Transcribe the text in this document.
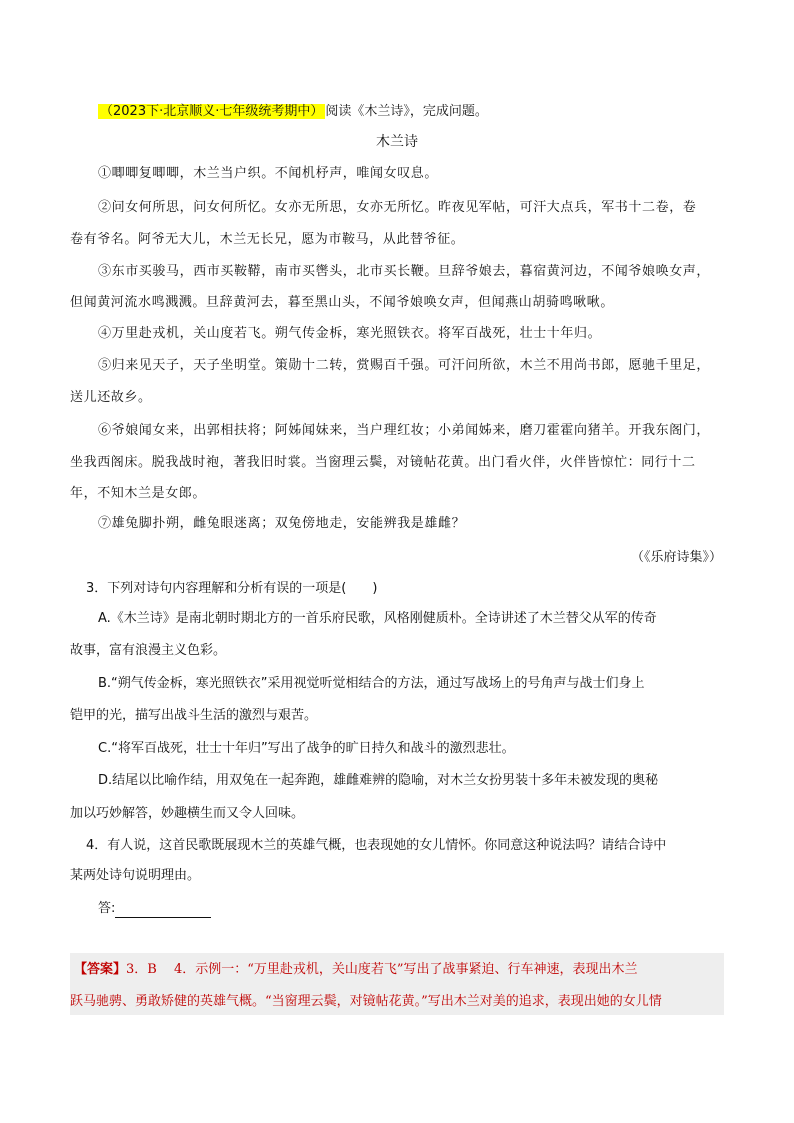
（2023下·北京顺义·七年级统考期中） 阅读《木兰诗》，完成问题。
木兰诗
①唧唧复唧唧，木兰当户织。不闻机杼声，唯闻女叹息。
②问女何所思，问女何所忆。女亦无所思，女亦无所忆。昨夜见军帖，可汗大点兵，军书十二卷，卷
卷有爷名。阿爷无大儿，木兰无长兄，愿为市鞍马，从此替爷征。
③东市买骏马，西市买鞍鞯，南市买辔头，北市买长鞭。旦辞爷娘去，暮宿黄河边，不闻爷娘唤女声，
但闻黄河流水鸣溅溅。旦辞黄河去，暮至黑山头，不闻爷娘唤女声，但闻燕山胡骑鸣啾啾。
④万里赴戎机，关山度若飞。朔气传金柝，寒光照铁衣。将军百战死，壮士十年归。
⑤归来见天子，天子坐明堂。策勋十二转，赏赐百千强。可汗问所欲，木兰不用尚书郎，愿驰千里足，
送儿还故乡。
⑥爷娘闻女来，出郭相扶将；阿姊闻妹来，当户理红妆；小弟闻姊来，磨刀霍霍向猪羊。开我东阁门，
坐我西阁床。脱我战时袍，著我旧时裳。当窗理云鬓，对镜帖花黄。出门看火伴，火伴皆惊忙：同行十二
年，不知木兰是女郎。
⑦雄兔脚扑朔，雌兔眼迷离；双兔傍地走，安能辨我是雄雌？
（《乐府诗集》）
3．下列对诗句内容理解和分析有误的一项是(　　)
A.《木兰诗》是南北朝时期北方的一首乐府民歌，风格刚健质朴。全诗讲述了木兰替父从军的传奇
故事，富有浪漫主义色彩。
B.“朔气传金柝，寒光照铁衣”采用视觉听觉相结合的方法，通过写战场上的号角声与战士们身上
铠甲的光，描写出战斗生活的激烈与艰苦。
C.“将军百战死，壮士十年归”写出了战争的旷日持久和战斗的激烈悲壮。
D.结尾以比喻作结，用双兔在一起奔跑，雄雌难辨的隐喻，对木兰女扮男装十多年未被发现的奥秘
加以巧妙解答，妙趣横生而又令人回味。
4．有人说，这首民歌既展现木兰的英雄气概，也表现她的女儿情怀。你同意这种说法吗？请结合诗中
某两处诗句说明理由。
答:
【答案】3．B　 4．示例一：“万里赴戎机，关山度若飞”写出了战事紧迫、行车神速，表现出木兰
跃马驰骋、勇敢矫健的英雄气概。“当窗理云鬓，对镜帖花黄。”写出木兰对美的追求，表现出她的女儿情
